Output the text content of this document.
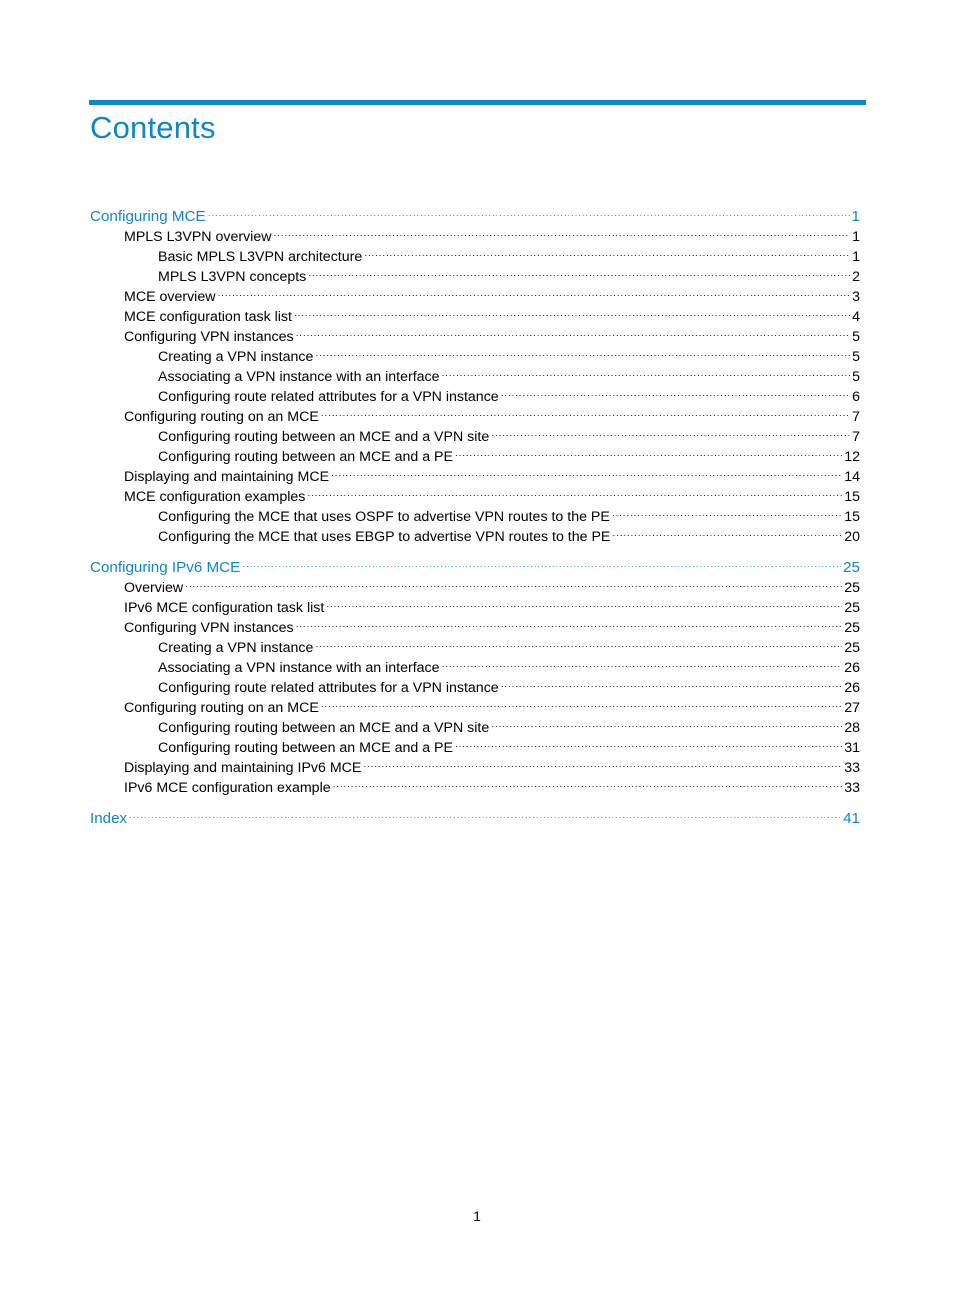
Contents
Configuring MCE ·····	1
MPLS L3VPN overview ·····	1
Basic MPLS L3VPN architecture ·····	1
MPLS L3VPN concepts ·····	2
MCE overview ·····	3
MCE configuration task list ·····	4
Configuring VPN instances ·····	5
Creating a VPN instance ·····	5
Associating a VPN instance with an interface ·····	5
Configuring route related attributes for a VPN instance ·····	6
Configuring routing on an MCE ·····	7
Configuring routing between an MCE and a VPN site ·····	7
Configuring routing between an MCE and a PE ·····	12
Displaying and maintaining MCE ·····	14
MCE configuration examples ·····	15
Configuring the MCE that uses OSPF to advertise VPN routes to the PE ·····	15
Configuring the MCE that uses EBGP to advertise VPN routes to the PE ·····	20
Configuring IPv6 MCE ·····	25
Overview ·····	25
IPv6 MCE configuration task list ·····	25
Configuring VPN instances ·····	25
Creating a VPN instance ·····	25
Associating a VPN instance with an interface ·····	26
Configuring route related attributes for a VPN instance ·····	26
Configuring routing on an MCE ·····	27
Configuring routing between an MCE and a VPN site ·····	28
Configuring routing between an MCE and a PE ·····	31
Displaying and maintaining IPv6 MCE ·····	33
IPv6 MCE configuration example ·····	33
Index ·····	41
1
